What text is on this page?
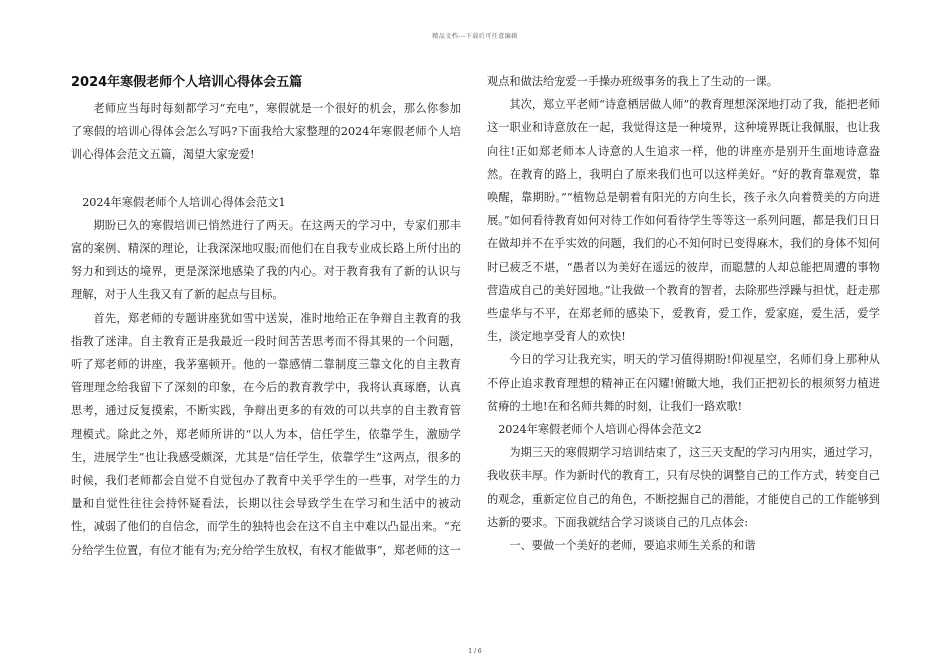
精品文档---下载后可任意编辑
2024年寒假老师个人培训心得体会五篇

老师应当每时每刻都学习“充电”，寒假就是一个很好的机会，那么你参加了寒假的培训心得体会怎么写吗?下面我给大家整理的2024年寒假老师个人培训心得体会范文五篇，渴望大家宠爱!

2024年寒假老师个人培训心得体会范文1

期盼已久的寒假培训已悄然进行了两天。在这两天的学习中，专家们那丰富的案例、精深的理论，让我深深地叹服;而他们在自我专业成长路上所付出的努力和到达的境界，更是深深地感染了我的内心。对于教育我有了新的认识与理解，对于人生我又有了新的起点与目标。

首先，郑老师的专题讲座犹如雪中送炭，准时地给正在争辩自主教育的我指教了迷津。自主教育正是我最近一段时间苦苦思考而不得其果的一个问题，听了郑老师的讲座，我茅塞顿开。他的一靠感情二靠制度三靠文化的自主教育管理理念给我留下了深刻的印象，在今后的教育教学中，我将认真琢磨，认真思考，通过反复摸索，不断实践，争辩出更多的有效的可以共享的自主教育管理模式。除此之外，郑老师所讲的“以人为本，信任学生，依靠学生，激励学生，进展学生”也让我感受颇深，尤其是“信任学生，依靠学生”这两点，很多的时候，我们老师都会自觉不自觉包办了教育中关乎学生的一些事，对学生的力量和自觉性往往会持怀疑看法，长期以往会导致学生在学习和生活中的被动性，减弱了他们的自信念，而学生的独特也会在这不自主中难以凸显出来。“充分给学生位置，有位才能有为;充分给学生放权，有权才能做事”，郑老师的这一

观点和做法给宠爱一手操办班级事务的我上了生动的一课。

其次，郑立平老师“诗意栖居做人师”的教育理想深深地打动了我，能把老师这一职业和诗意放在一起，我觉得这是一种境界，这种境界既让我佩服，也让我向往!正如郑老师本人诗意的人生追求一样，他的讲座亦是别开生面地诗意盎然。在教育的路上，我明白了原来我们也可以这样美好。“好的教育靠观赏，靠唤醒，靠期盼。”“植物总是朝着有阳光的方向生长，孩子永久向着赞美的方向进展。”如何看待教育如何对待工作如何看待学生等等这一系列问题，都是我们日日在做却并不在乎实效的问题，我们的心不知何时已变得麻木，我们的身体不知何时已疲乏不堪，“愚者以为美好在遥远的彼岸，而聪慧的人却总能把周遭的事物营造成自己的美好园地。”让我做一个教育的智者，去除那些浮躁与担忧，赶走那些虚华与不平，在郑老师的感染下，爱教育，爱工作，爱家庭，爱生活，爱学生，淡定地享受育人的欢快!

今日的学习让我充实，明天的学习值得期盼!仰视星空，名师们身上那种从不停止追求教育理想的精神正在闪耀!俯瞰大地，我们正把初长的根须努力植进贫瘠的土地!在和名师共舞的时刻，让我们一路欢歌!

2024年寒假老师个人培训心得体会范文2

为期三天的寒假期学习培训结束了，这三天支配的学习内用实，通过学习，我收获丰厚。作为新时代的教育工，只有尽快的调整自己的工作方式，转变自己的观念，重新定位自己的角色，不断挖掘自己的潜能，才能使自己的工作能够到达新的要求。下面我就结合学习谈谈自己的几点体会:

一、要做一个美好的老师，要追求师生关系的和谐

1 / 6
